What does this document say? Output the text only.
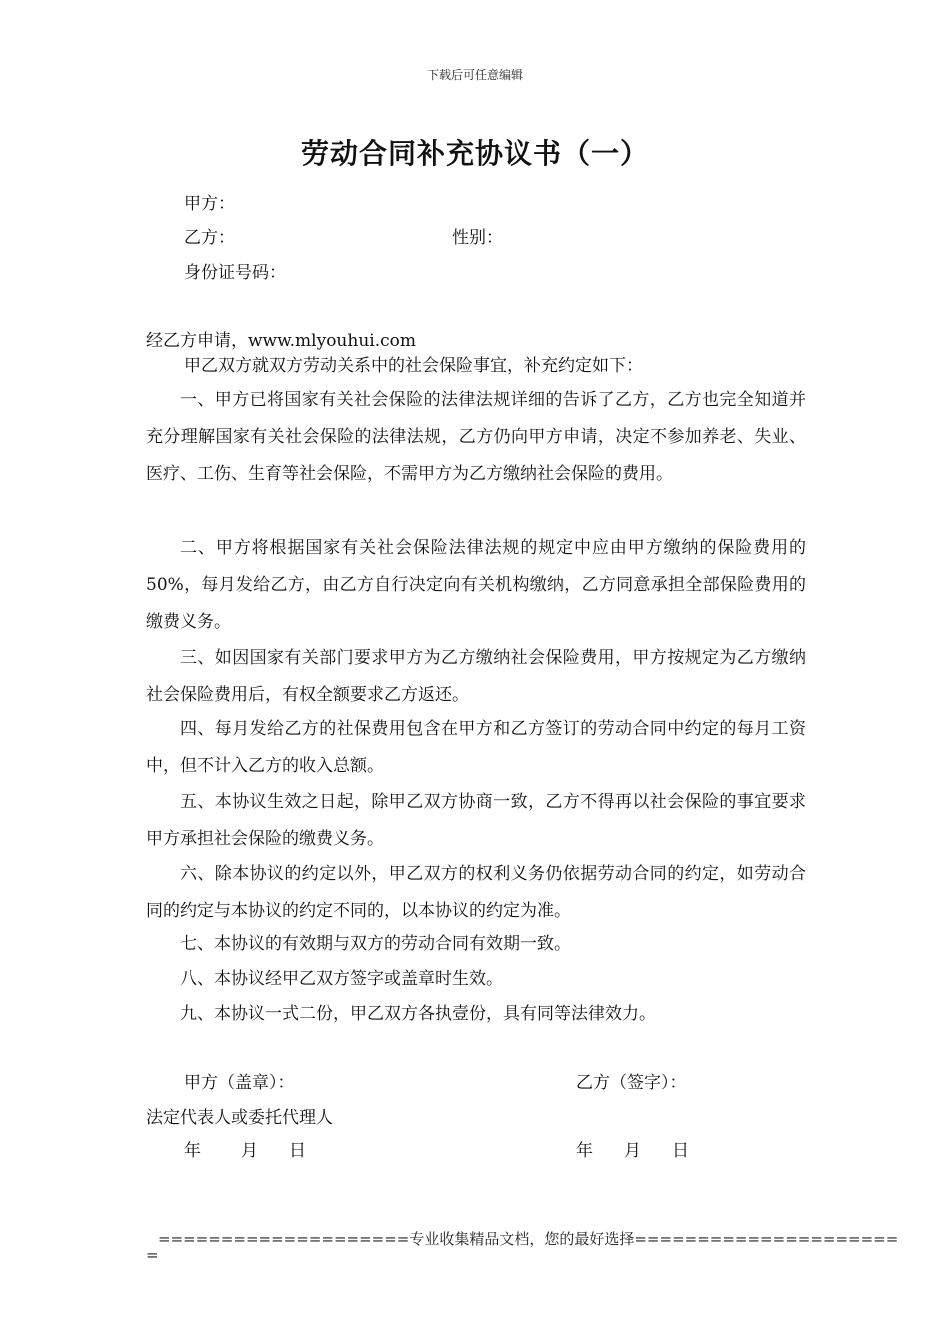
下载后可任意编辑
劳动合同补充协议书（一）
甲方：
乙方：	性别：
身份证号码：
经乙方申请，www.mlyouhui.com
甲乙双方就双方劳动关系中的社会保险事宜，补充约定如下：
一、甲方已将国家有关社会保险的法律法规详细的告诉了乙方，乙方也完全知道并充分理解国家有关社会保险的法律法规，乙方仍向甲方申请，决定不参加养老、失业、医疗、工伤、生育等社会保险，不需甲方为乙方缴纳社会保险的费用。
二、甲方将根据国家有关社会保险法律法规的规定中应由甲方缴纳的保险费用的50%，每月发给乙方，由乙方自行决定向有关机构缴纳，乙方同意承担全部保险费用的缴费义务。
三、如因国家有关部门要求甲方为乙方缴纳社会保险费用，甲方按规定为乙方缴纳社会保险费用后，有权全额要求乙方返还。
四、每月发给乙方的社保费用包含在甲方和乙方签订的劳动合同中约定的每月工资中，但不计入乙方的收入总额。
五、本协议生效之日起，除甲乙双方协商一致，乙方不得再以社会保险的事宜要求甲方承担社会保险的缴费义务。
六、除本协议的约定以外，甲乙双方的权利义务仍依据劳动合同的约定，如劳动合同的约定与本协议的约定不同的，以本协议的约定为准。
七、本协议的有效期与双方的劳动合同有效期一致。
八、本协议经甲乙双方签字或盖章时生效。
九、本协议一式二份，甲乙双方各执壹份，具有同等法律效力。
甲方（盖章）：	乙方（签字）：
法定代表人或委托代理人
年 月 日	年 月 日
====================专业收集精品文档，您的最好选择=====================
=
